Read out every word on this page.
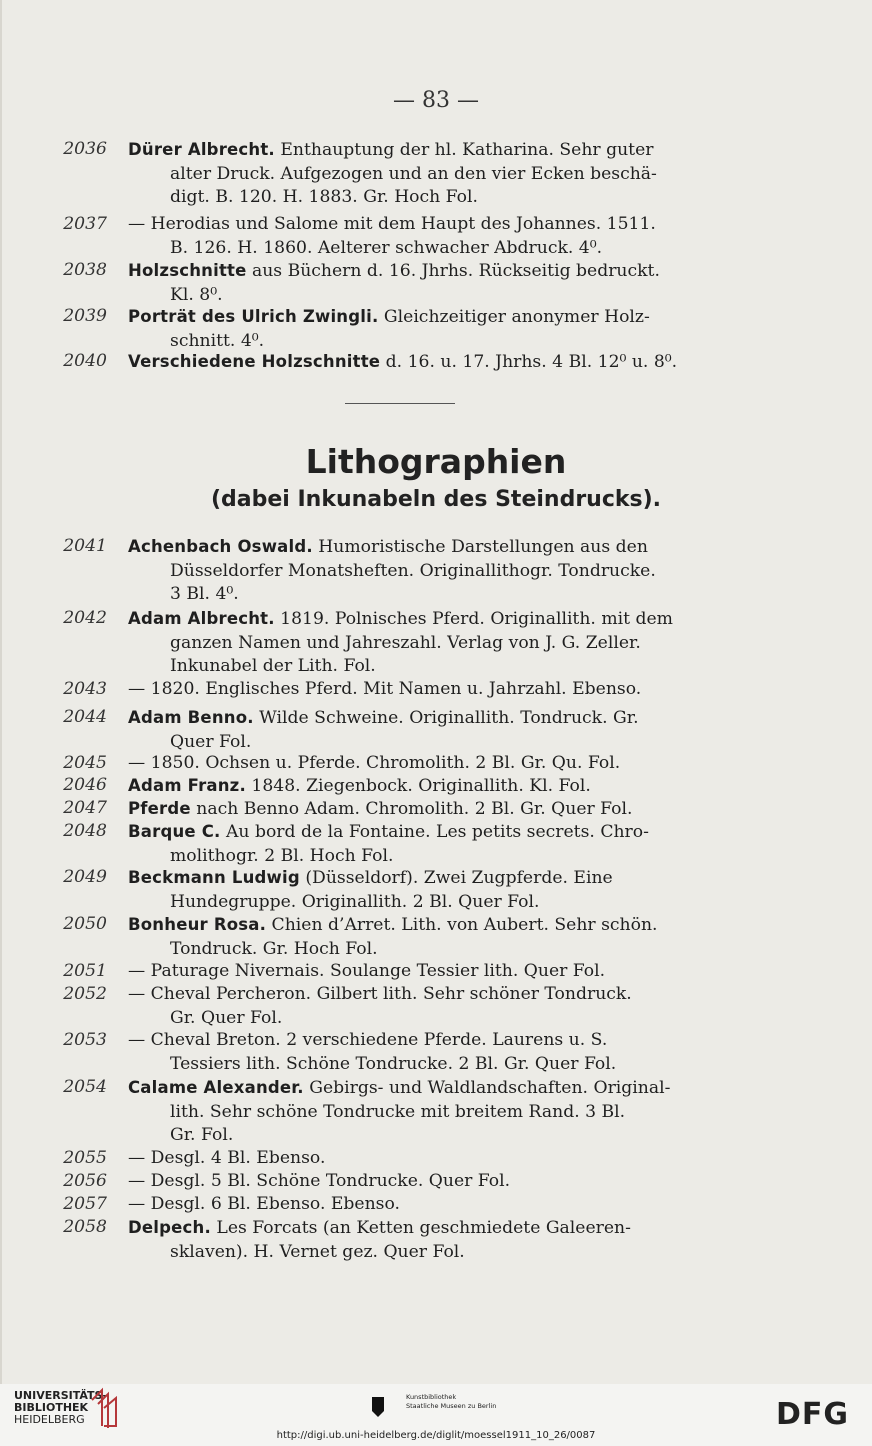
— 83 —
2036 Dürer Albrecht. Enthauptung der hl. Katharina. Sehr guter
alter Druck. Aufgezogen und an den vier Ecken beschä-
digt. B. 120. H. 1883. Gr. Hoch Fol.
2037 — Herodias und Salome mit dem Haupt des Johannes. 1511.
B. 126. H. 1860. Aelterer schwacher Abdruck. 4⁰.
2038 Holzschnitte aus Büchern d. 16. Jhrhs. Rückseitig bedruckt.
Kl. 8⁰.
2039 Porträt des Ulrich Zwingli. Gleichzeitiger anonymer Holz-
schnitt. 4⁰.
2040 Verschiedene Holzschnitte d. 16. u. 17. Jhrhs. 4 Bl. 12⁰ u. 8⁰.
Lithographien
(dabei Inkunabeln des Steindrucks).
2041 Achenbach Oswald. Humoristische Darstellungen aus den
Düsseldorfer Monatsheften. Originallithogr. Tondrucke.
3 Bl. 4⁰.
2042 Adam Albrecht. 1819. Polnisches Pferd. Originallith. mit dem
ganzen Namen und Jahreszahl. Verlag von J. G. Zeller.
Inkunabel der Lith. Fol.
2043 — 1820. Englisches Pferd. Mit Namen u. Jahrzahl. Ebenso.
2044 Adam Benno. Wilde Schweine. Originallith. Tondruck. Gr.
Quer Fol.
2045 — 1850. Ochsen u. Pferde. Chromolith. 2 Bl. Gr. Qu. Fol.
2046 Adam Franz. 1848. Ziegenbock. Originallith. Kl. Fol.
2047 Pferde nach Benno Adam. Chromolith. 2 Bl. Gr. Quer Fol.
2048 Barque C. Au bord de la Fontaine. Les petits secrets. Chro-
molithogr. 2 Bl. Hoch Fol.
2049 Beckmann Ludwig (Düsseldorf). Zwei Zugpferde. Eine
Hundegruppe. Originallith. 2 Bl. Quer Fol.
2050 Bonheur Rosa. Chien d’Arret. Lith. von Aubert. Sehr schön.
Tondruck. Gr. Hoch Fol.
2051 — Paturage Nivernais. Soulange Tessier lith. Quer Fol.
2052 — Cheval Percheron. Gilbert lith. Sehr schöner Tondruck.
Gr. Quer Fol.
2053 — Cheval Breton. 2 verschiedene Pferde. Laurens u. S.
Tessiers lith. Schöne Tondrucke. 2 Bl. Gr. Quer Fol.
2054 Calame Alexander. Gebirgs- und Waldlandschaften. Original-
lith. Sehr schöne Tondrucke mit breitem Rand. 3 Bl.
Gr. Fol.
2055 — Desgl. 4 Bl. Ebenso.
2056 — Desgl. 5 Bl. Schöne Tondrucke. Quer Fol.
2057 — Desgl. 6 Bl. Ebenso. Ebenso.
2058 Delpech. Les Forcats (an Ketten geschmiedete Galeeren-
sklaven). H. Vernet gez. Quer Fol.
UNIVERSITÄTS-
BIBLIOTHEK
HEIDELBERG
Kunstbibliothek
Staatliche Museen zu Berlin	DFG
http://digi.ub.uni-heidelberg.de/diglit/moessel1911_10_26/0087
